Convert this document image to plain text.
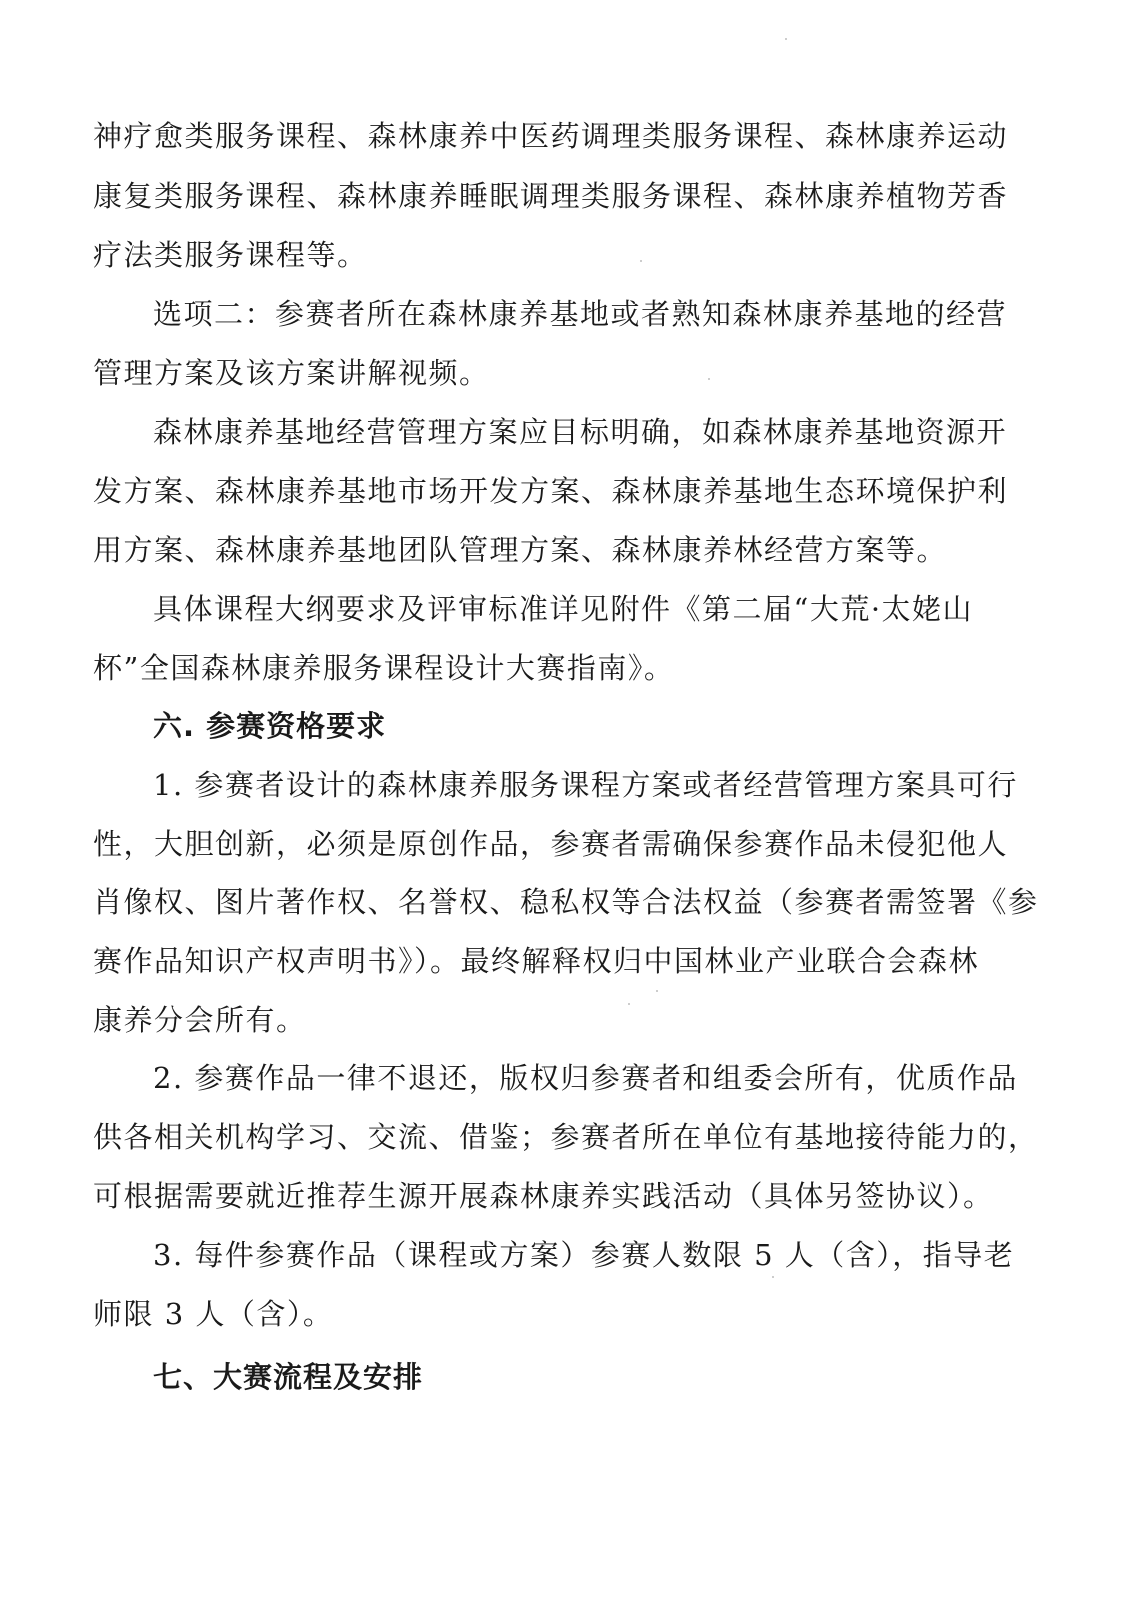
神疗愈类服务课程、森林康养中医药调理类服务课程、森林康养运动
康复类服务课程、森林康养睡眠调理类服务课程、森林康养植物芳香
疗法类服务课程等。
选项二：参赛者所在森林康养基地或者熟知森林康养基地的经营
管理方案及该方案讲解视频。
森林康养基地经营管理方案应目标明确，如森林康养基地资源开
发方案、森林康养基地市场开发方案、森林康养基地生态环境保护利
用方案、森林康养基地团队管理方案、森林康养林经营方案等。
具体课程大纲要求及评审标准详见附件《第二届“大荒·太姥山
杯”全国森林康养服务课程设计大赛指南》。
六. 参赛资格要求
1. 参赛者设计的森林康养服务课程方案或者经营管理方案具可行
性，大胆创新，必须是原创作品，参赛者需确保参赛作品未侵犯他人
肖像权、图片著作权、名誉权、稳私权等合法权益（参赛者需签署《参
赛作品知识产权声明书》）。最终解释权归中国林业产业联合会森林
康养分会所有。
2. 参赛作品一律不退还，版权归参赛者和组委会所有，优质作品
供各相关机构学习、交流、借鉴；参赛者所在单位有基地接待能力的，
可根据需要就近推荐生源开展森林康养实践活动（具体另签协议）。
3. 每件参赛作品（课程或方案）参赛人数限 5 人（含），指导老
师限 3 人（含）。
七、大赛流程及安排
